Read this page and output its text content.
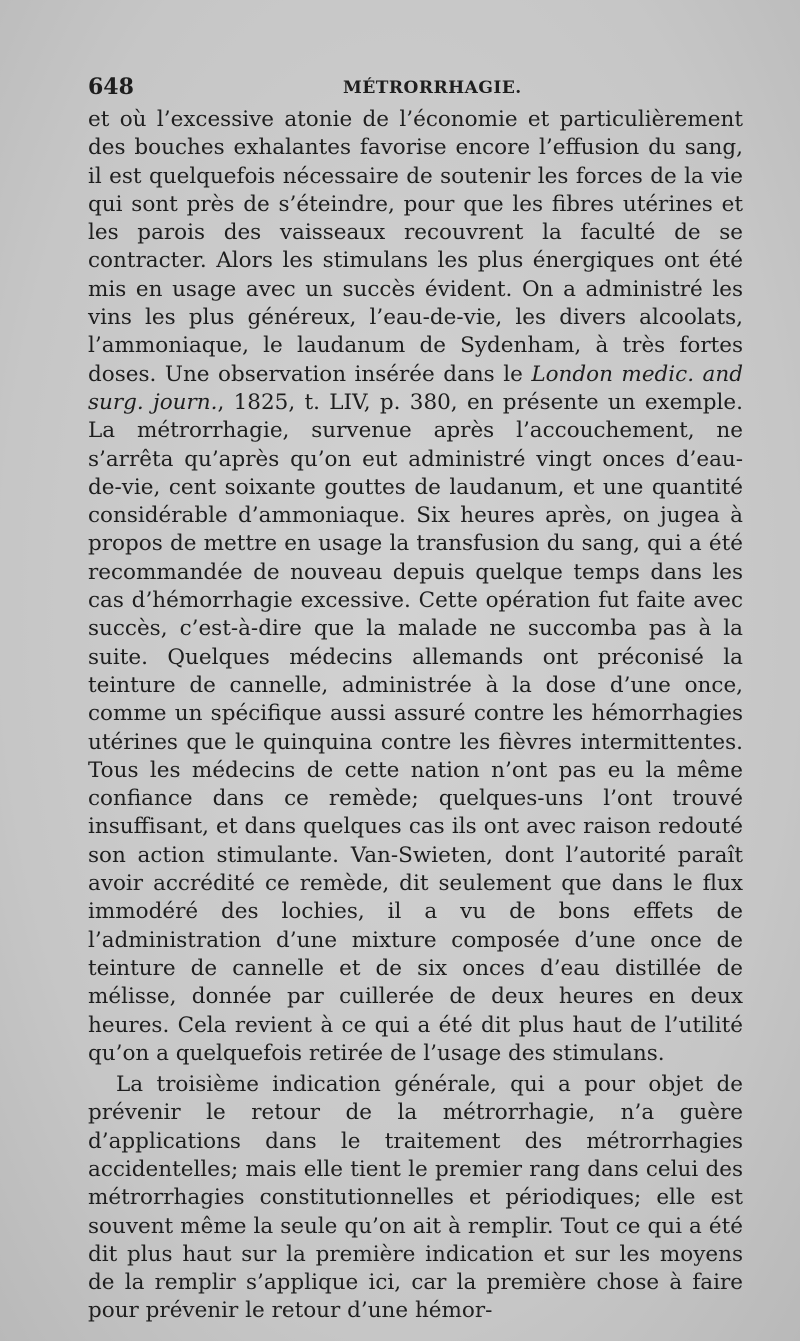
648	MÉTRORRHAGIE.

et où l’excessive atonie de l’économie et particulièrement des bouches exhalantes favorise encore l’effusion du sang, il est quelquefois nécessaire de soutenir les forces de la vie qui sont près de s’éteindre, pour que les fibres utérines et les parois des vaisseaux recouvrent la faculté de se contracter. Alors les stimulans les plus énergiques ont été mis en usage avec un succès évident. On a administré les vins les plus généreux, l’eau-de-vie, les divers alcoolats, l’ammoniaque, le laudanum de Sydenham, à très fortes doses. Une observation insérée dans le London medic. and surg. journ., 1825, t. LIV, p. 380, en présente un exemple. La métrorrhagie, survenue après l’accouchement, ne s’arrêta qu’après qu’on eut administré vingt onces d’eau-de-vie, cent soixante gouttes de laudanum, et une quantité considérable d’ammoniaque. Six heures après, on jugea à propos de mettre en usage la transfusion du sang, qui a été recommandée de nouveau depuis quelque temps dans les cas d’hémorrhagie excessive. Cette opération fut faite avec succès, c’est-à-dire que la malade ne succomba pas à la suite. Quelques médecins allemands ont préconisé la teinture de cannelle, administrée à la dose d’une once, comme un spécifique aussi assuré contre les hémorrhagies utérines que le quinquina contre les fièvres intermittentes. Tous les médecins de cette nation n’ont pas eu la même confiance dans ce remède; quelques-uns l’ont trouvé insuffisant, et dans quelques cas ils ont avec raison redouté son action stimulante. Van-Swieten, dont l’autorité paraît avoir accrédité ce remède, dit seulement que dans le flux immodéré des lochies, il a vu de bons effets de l’administration d’une mixture composée d’une once de teinture de cannelle et de six onces d’eau distillée de mélisse, donnée par cuillerée de deux heures en deux heures. Cela revient à ce qui a été dit plus haut de l’utilité qu’on a quelquefois retirée de l’usage des stimulans.

La troisième indication générale, qui a pour objet de prévenir le retour de la métrorrhagie, n’a guère d’applications dans le traitement des métrorrhagies accidentelles; mais elle tient le premier rang dans celui des métrorrhagies constitutionnelles et périodiques; elle est souvent même la seule qu’on ait à remplir. Tout ce qui a été dit plus haut sur la première indication et sur les moyens de la remplir s’applique ici, car la première chose à faire pour prévenir le retour d’une hémor-
